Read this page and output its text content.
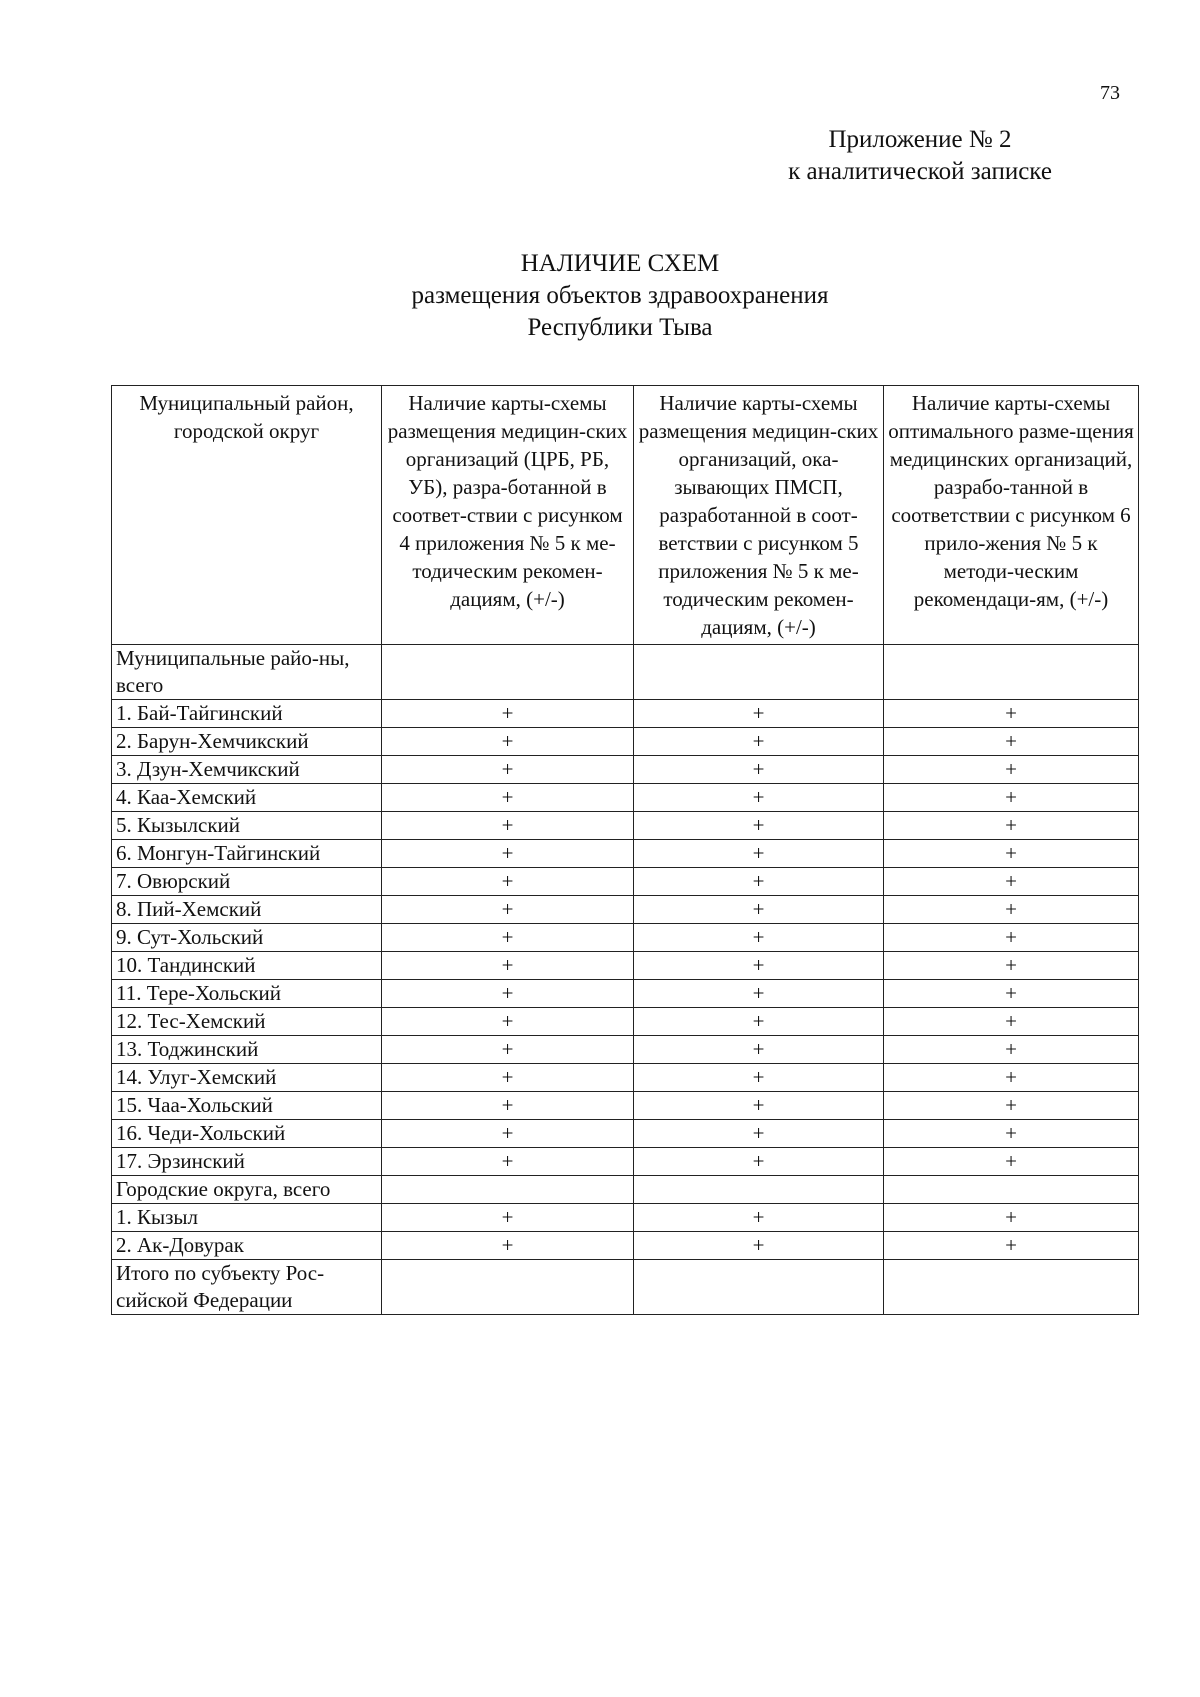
73
Приложение № 2
к аналитической записке
НАЛИЧИЕ СХЕМ
размещения объектов здравоохранения
Республики Тыва
Муниципальный район, городской округ	Наличие карты-схемы размещения медицин-ских организаций (ЦРБ, РБ, УБ), разра-ботанной в соответ-ствии с рисунком 4 приложения № 5 к ме-тодическим рекомен-дациям, (+/-)	Наличие карты-схемы размещения медицин-ских организаций, ока-зывающих ПМСП, разработанной в соот-ветствии с рисунком 5 приложения № 5 к ме-тодическим рекомен-дациям, (+/-)	Наличие карты-схемы оптимального разме-щения медицинских организаций, разрабо-танной в соответствии с рисунком 6 прило-жения № 5 к методи-ческим рекомендаци-ям, (+/-)
Муниципальные райо-ны, всего			
1. Бай-Тайгинский	+	+	+
2. Барун-Хемчикский	+	+	+
3. Дзун-Хемчикский	+	+	+
4. Каа-Хемский	+	+	+
5. Кызылский	+	+	+
6. Монгун-Тайгинский	+	+	+
7. Овюрский	+	+	+
8. Пий-Хемский	+	+	+
9. Сут-Хольский	+	+	+
10. Тандинский	+	+	+
11. Тере-Хольский	+	+	+
12. Тес-Хемский	+	+	+
13. Тоджинский	+	+	+
14. Улуг-Хемский	+	+	+
15. Чаа-Хольский	+	+	+
16. Чеди-Хольский	+	+	+
17. Эрзинский	+	+	+
Городские округа, всего			
1. Кызыл	+	+	+
2. Ак-Довурак	+	+	+
Итого по субъекту Рос-сийской Федерации			
